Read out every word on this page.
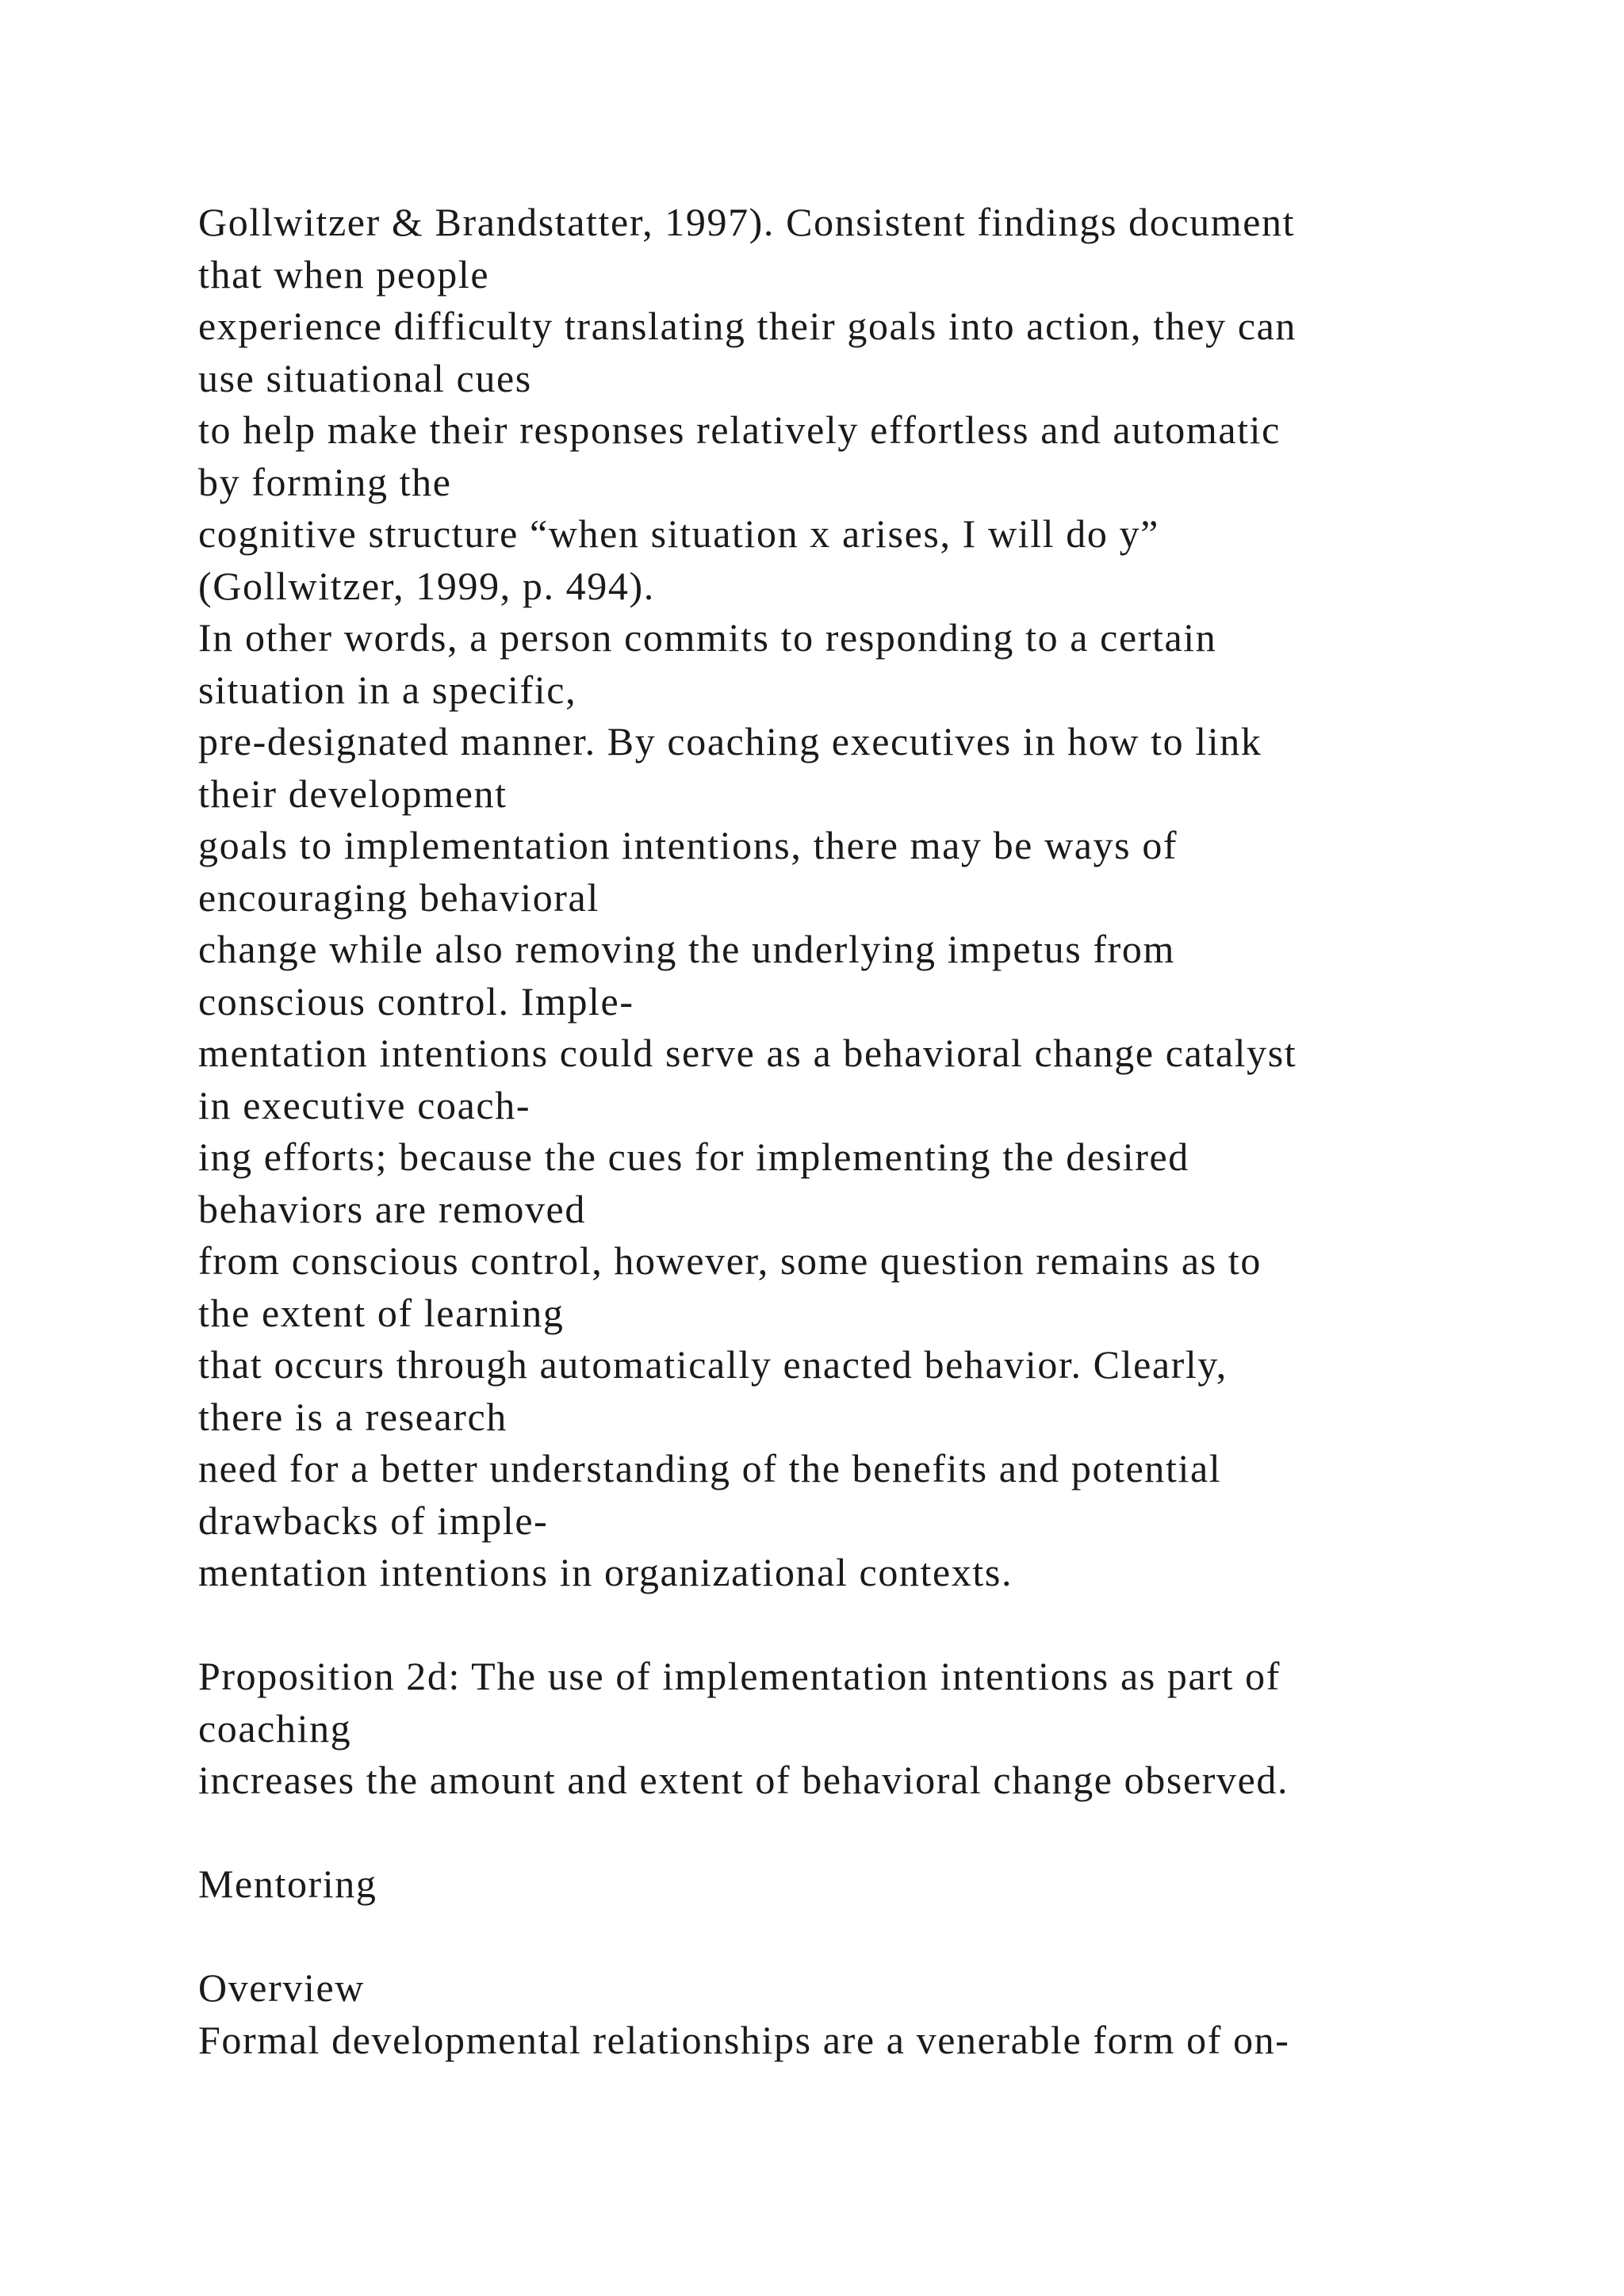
Gollwitzer & Brandstatter, 1997). Consistent findings document
that when people
experience difficulty translating their goals into action, they can
use situational cues
to help make their responses relatively effortless and automatic
by forming the
cognitive structure “when situation x arises, I will do y”
(Gollwitzer, 1999, p. 494).
In other words, a person commits to responding to a certain
situation in a specific,
pre-designated manner. By coaching executives in how to link
their development
goals to implementation intentions, there may be ways of
encouraging behavioral
change while also removing the underlying impetus from
conscious control. Imple-
mentation intentions could serve as a behavioral change catalyst
in executive coach-
ing efforts; because the cues for implementing the desired
behaviors are removed
from conscious control, however, some question remains as to
the extent of learning
that occurs through automatically enacted behavior. Clearly,
there is a research
need for a better understanding of the benefits and potential
drawbacks of imple-
mentation intentions in organizational contexts.
Proposition 2d: The use of implementation intentions as part of
coaching
increases the amount and extent of behavioral change observed.
Mentoring
Overview
Formal developmental relationships are a venerable form of on-
